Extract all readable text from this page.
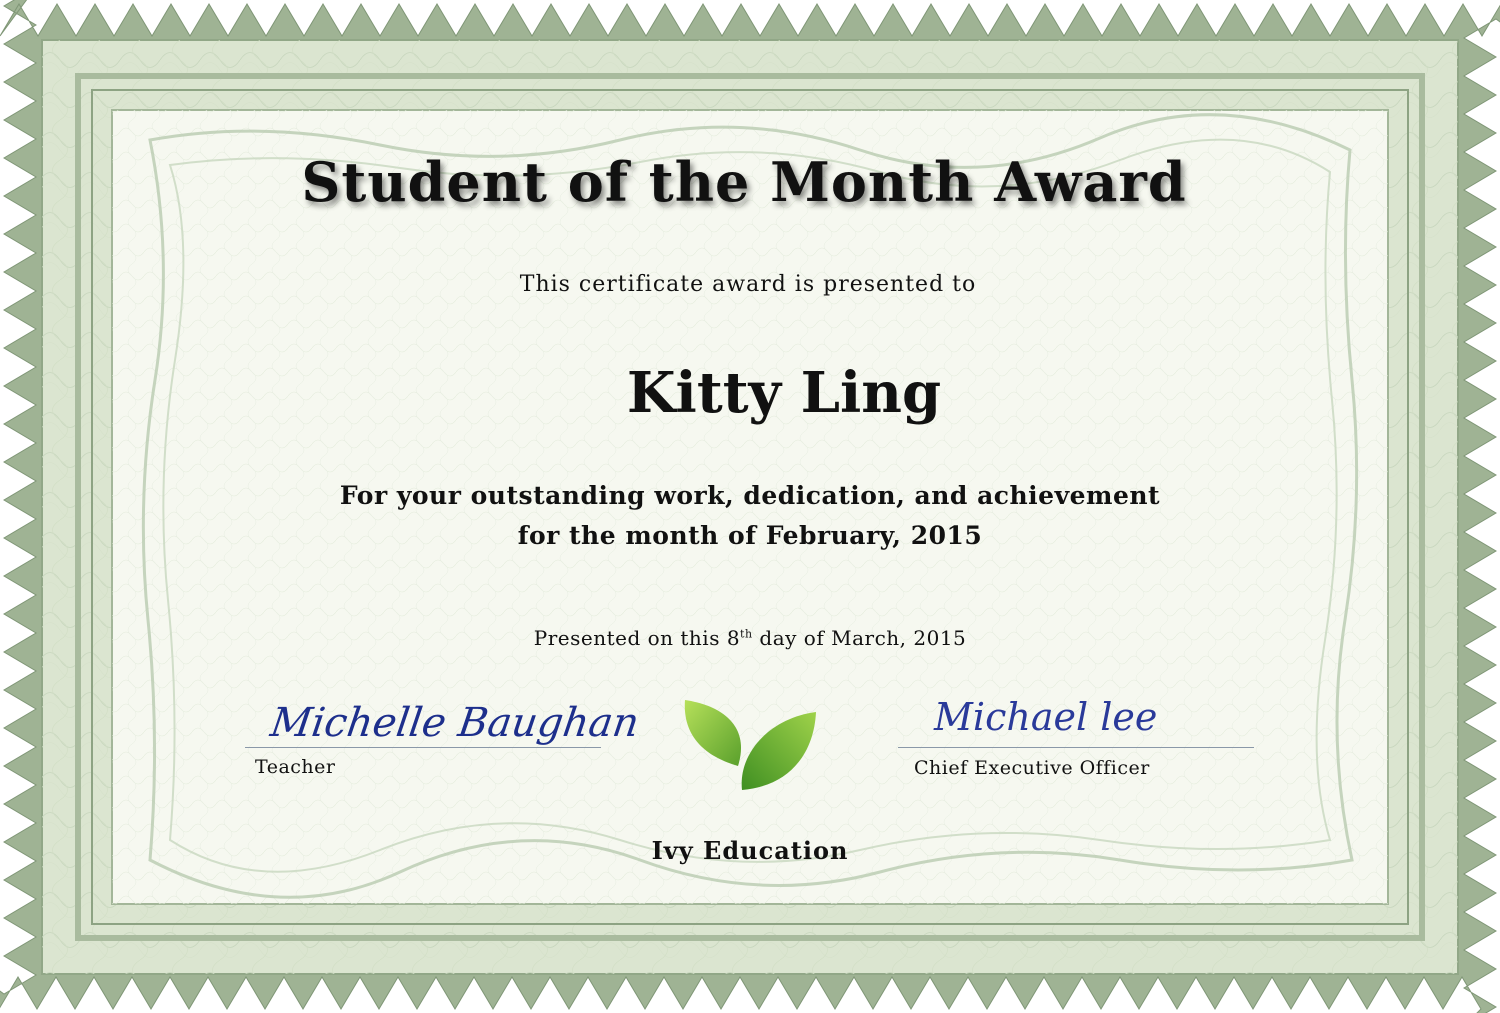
Student of the Month Award
This certificate award is presented to
Kitty Ling
For your outstanding work, dedication, and achievement
for the month of February, 2015
Presented on this 8th day of March, 2015
Michelle Baughan
Teacher
Michael lee
Chief Executive Officer
Ivy Education
